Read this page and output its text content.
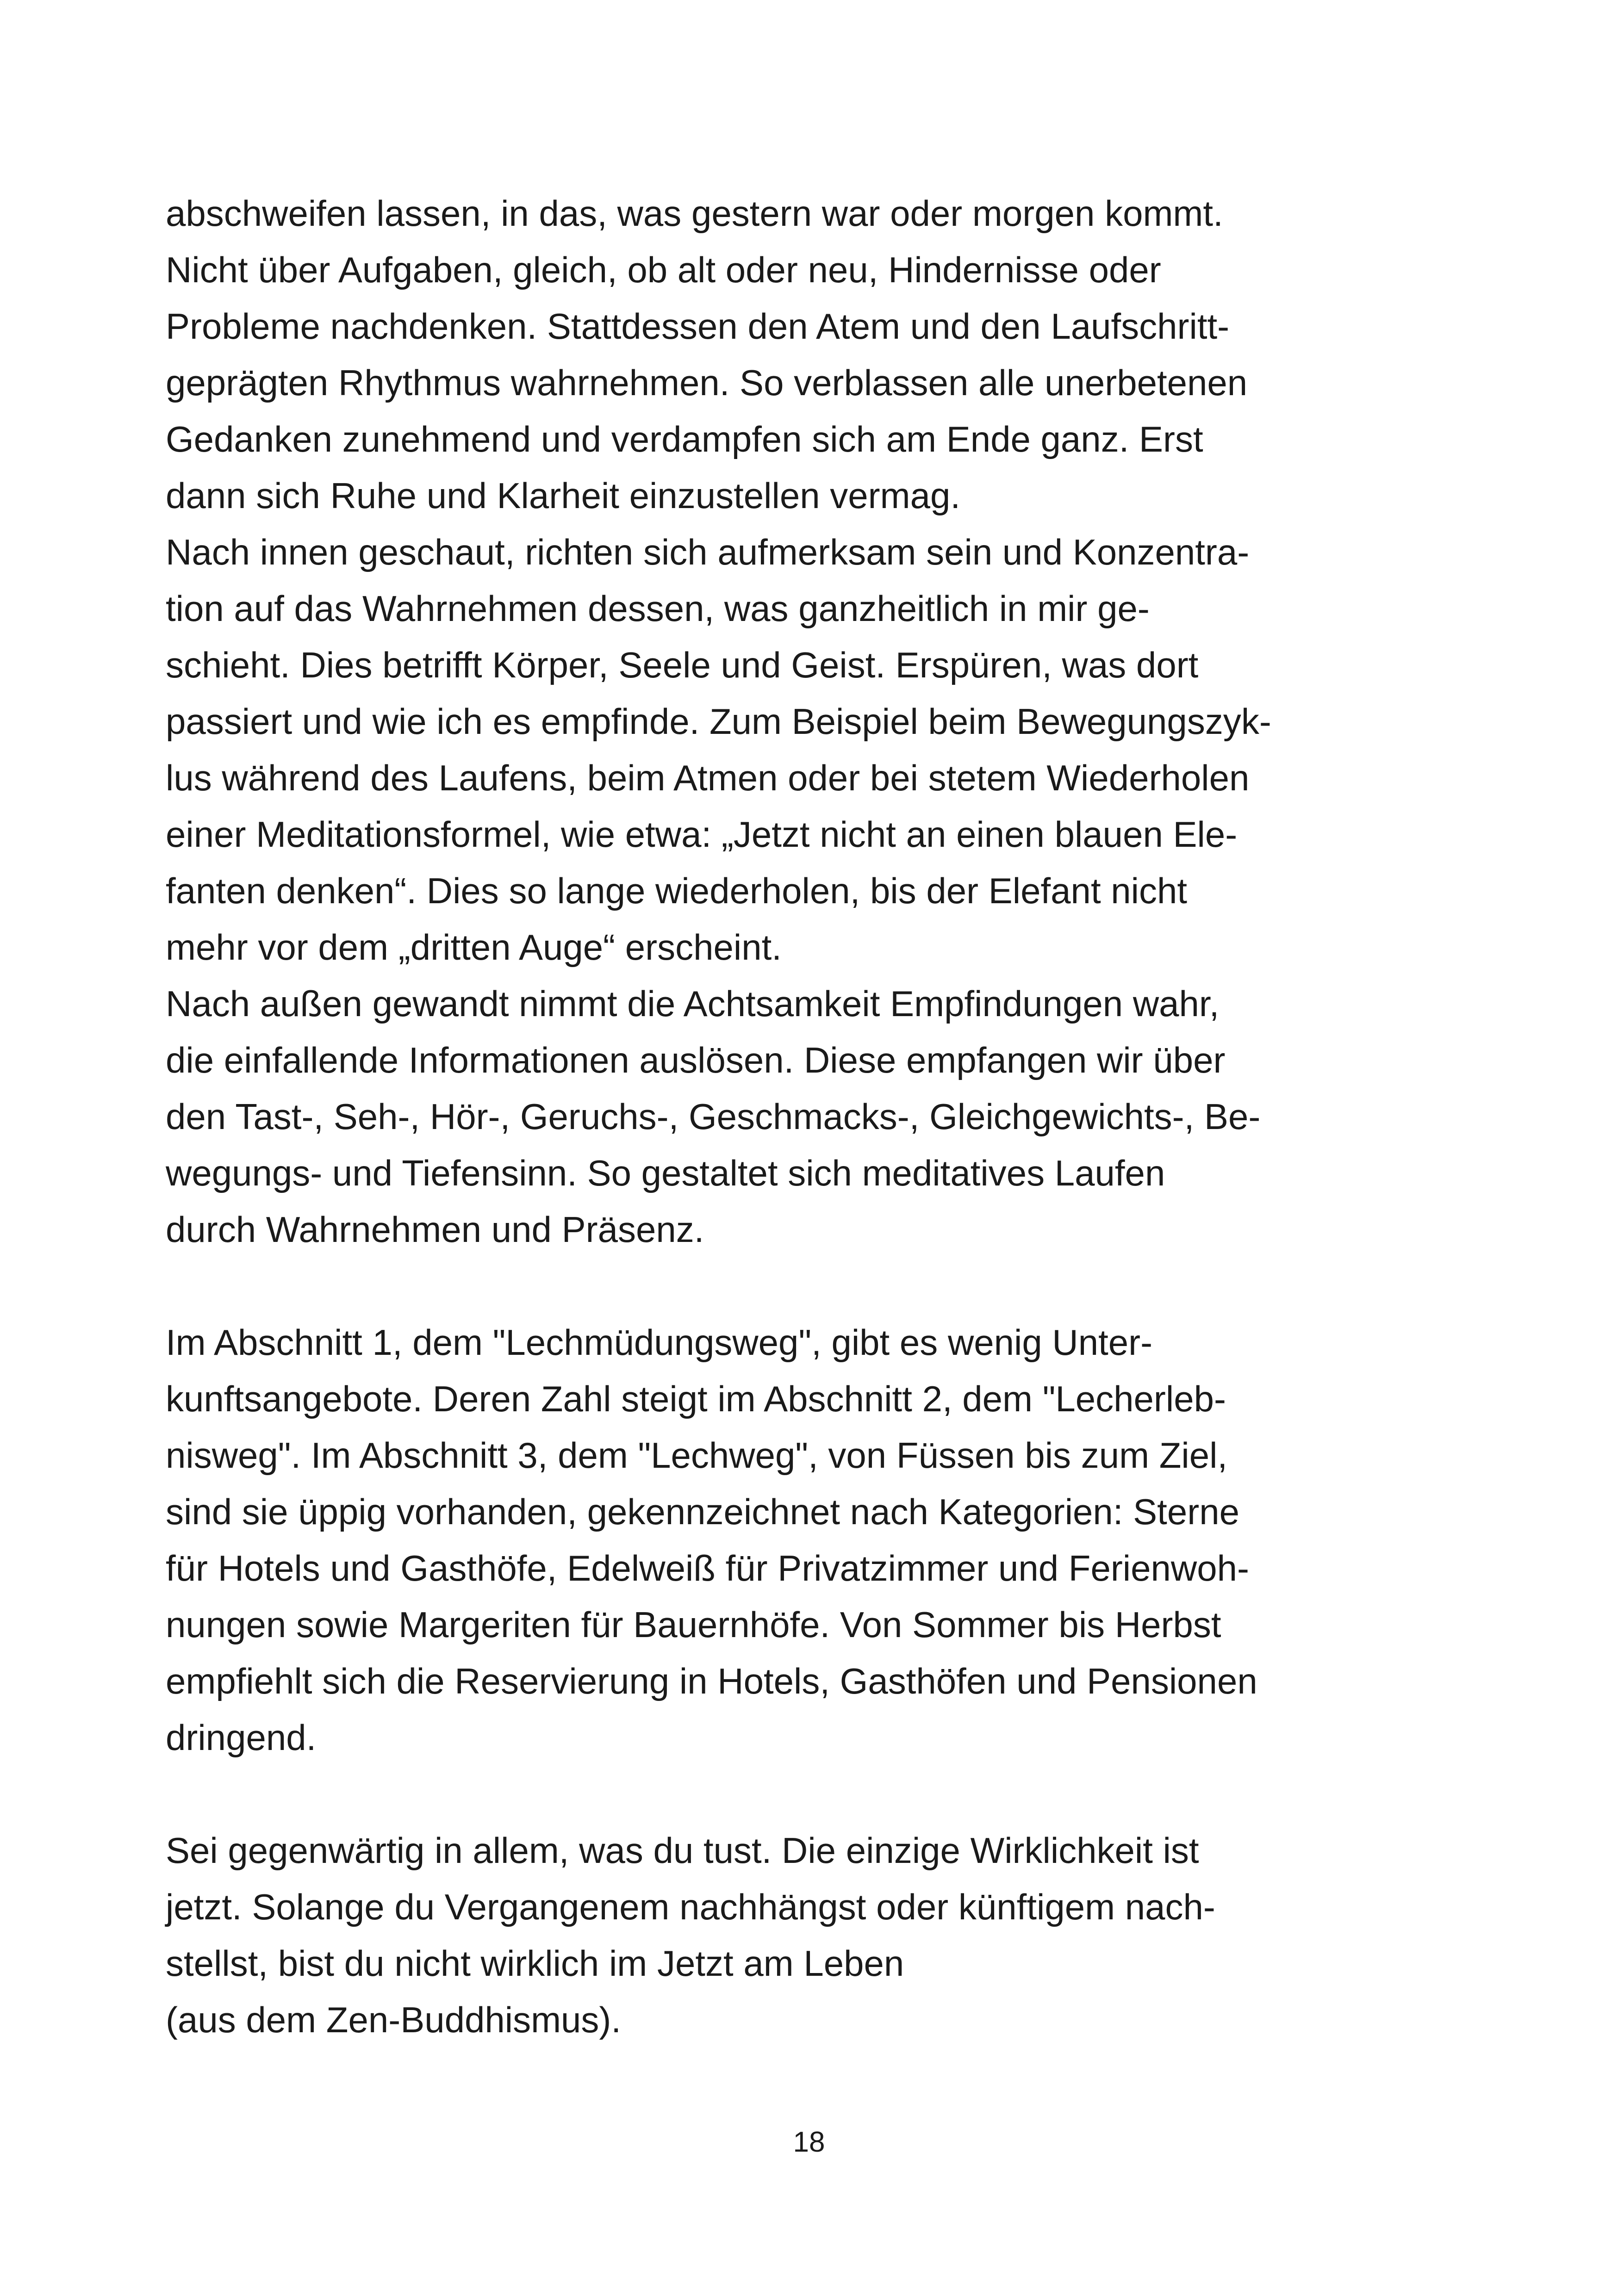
abschweifen lassen, in das, was gestern war oder morgen kommt.
Nicht über Aufgaben, gleich, ob alt oder neu, Hindernisse oder
Probleme nachdenken. Stattdessen den Atem und den Laufschritt-
geprägten Rhythmus wahrnehmen. So verblassen alle unerbetenen
Gedanken zunehmend und verdampfen sich am Ende ganz. Erst
dann sich Ruhe und Klarheit einzustellen vermag.
Nach innen geschaut, richten sich aufmerksam sein und Konzentra-
tion auf das Wahrnehmen dessen, was ganzheitlich in mir ge-
schieht. Dies betrifft Körper, Seele und Geist. Erspüren, was dort
passiert und wie ich es empfinde. Zum Beispiel beim Bewegungszyk-
lus während des Laufens, beim Atmen oder bei stetem Wiederholen
einer Meditationsformel, wie etwa: „Jetzt nicht an einen blauen Ele-
fanten denken“. Dies so lange wiederholen, bis der Elefant nicht
mehr vor dem „dritten Auge“ erscheint.
Nach außen gewandt nimmt die Achtsamkeit Empfindungen wahr,
die einfallende Informationen auslösen. Diese empfangen wir über
den Tast-, Seh-, Hör-, Geruchs-, Geschmacks-, Gleichgewichts-, Be-
wegungs- und Tiefensinn. So gestaltet sich meditatives Laufen
durch Wahrnehmen und Präsenz.
Im Abschnitt 1, dem "Lechmüdungsweg", gibt es wenig Unter-
kunftsangebote. Deren Zahl steigt im Abschnitt 2, dem "Lecherleb-
nisweg". Im Abschnitt 3, dem "Lechweg", von Füssen bis zum Ziel,
sind sie üppig vorhanden, gekennzeichnet nach Kategorien: Sterne
für Hotels und Gasthöfe, Edelweiß für Privatzimmer und Ferienwoh-
nungen sowie Margeriten für Bauernhöfe. Von Sommer bis Herbst
empfiehlt sich die Reservierung in Hotels, Gasthöfen und Pensionen
dringend.
Sei gegenwärtig in allem, was du tust. Die einzige Wirklichkeit ist
jetzt. Solange du Vergangenem nachhängst oder künftigem nach-
stellst, bist du nicht wirklich im Jetzt am Leben
(aus dem Zen-Buddhismus).
18
